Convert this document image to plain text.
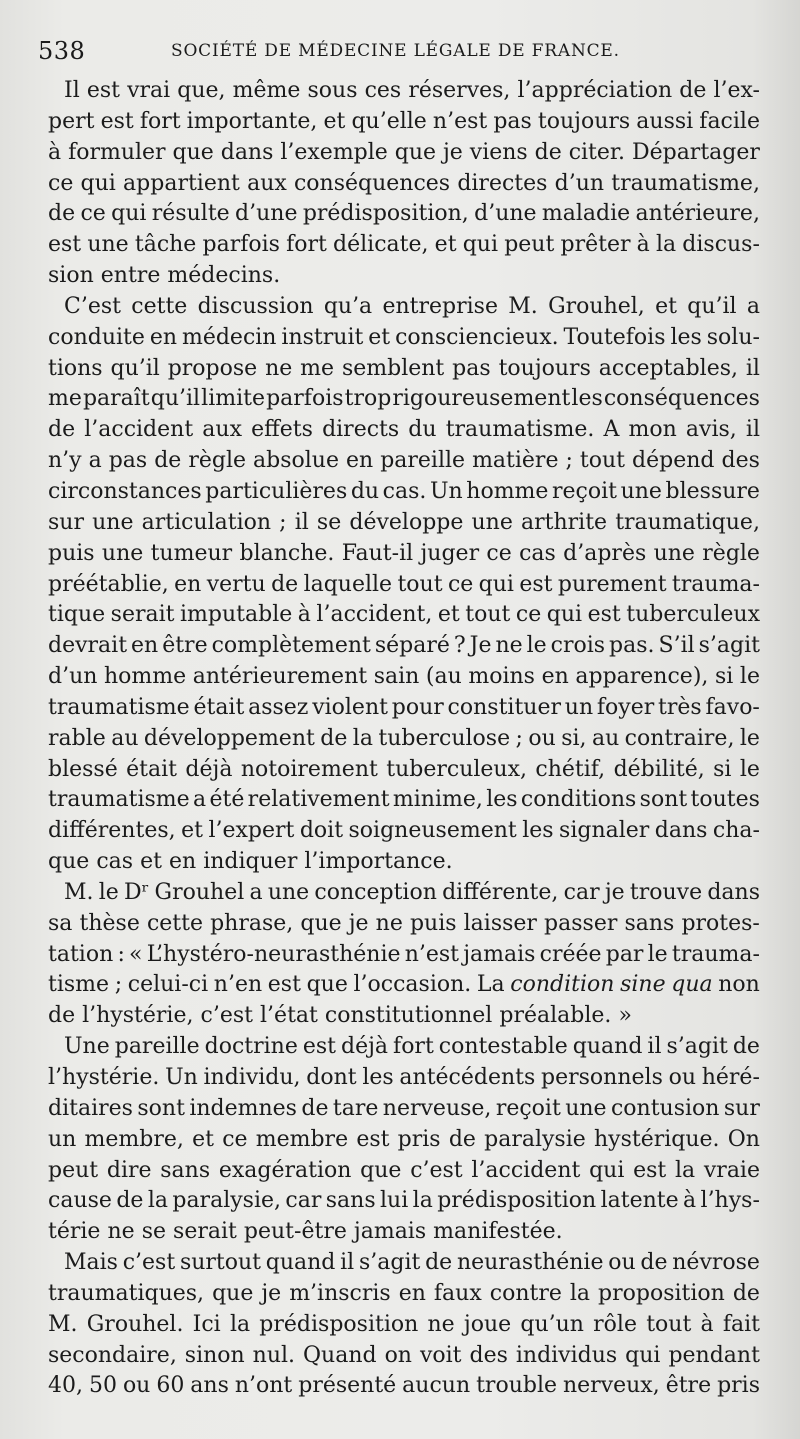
538	SOCIÉTÉ DE MÉDECINE LÉGALE DE FRANCE.
Il est vrai que, même sous ces réserves, l’appréciation de l’ex-
pert est fort importante, et qu’elle n’est pas toujours aussi facile
à formuler que dans l’exemple que je viens de citer. Départager
ce qui appartient aux conséquences directes d’un traumatisme,
de ce qui résulte d’une prédisposition, d’une maladie antérieure,
est une tâche parfois fort délicate, et qui peut prêter à la discus-
sion entre médecins.
C’est cette discussion qu’a entreprise M. Grouhel, et qu’il a
conduite en médecin instruit et consciencieux. Toutefois les solu-
tions qu’il propose ne me semblent pas toujours acceptables, il
me paraît qu’il limite parfois trop rigoureusement les conséquences
de l’accident aux effets directs du traumatisme. A mon avis, il
n’y a pas de règle absolue en pareille matière ; tout dépend des
circonstances particulières du cas. Un homme reçoit une blessure
sur une articulation ; il se développe une arthrite traumatique,
puis une tumeur blanche. Faut-il juger ce cas d’après une règle
préétablie, en vertu de laquelle tout ce qui est purement trauma-
tique serait imputable à l’accident, et tout ce qui est tuberculeux
devrait en être complètement séparé ? Je ne le crois pas. S’il s’agit
d’un homme antérieurement sain (au moins en apparence), si le
traumatisme était assez violent pour constituer un foyer très favo-
rable au développement de la tuberculose ; ou si, au contraire, le
blessé était déjà notoirement tuberculeux, chétif, débilité, si le
traumatisme a été relativement minime, les conditions sont toutes
différentes, et l’expert doit soigneusement les signaler dans cha-
que cas et en indiquer l’importance.
M. le Dʳ Grouhel a une conception différente, car je trouve dans
sa thèse cette phrase, que je ne puis laisser passer sans protes-
tation : « L’hystéro-neurasthénie n’est jamais créée par le trauma-
tisme ; celui-ci n’en est que l’occasion. La condition sine qua non
de l’hystérie, c’est l’état constitutionnel préalable. »
Une pareille doctrine est déjà fort contestable quand il s’agit de
l’hystérie. Un individu, dont les antécédents personnels ou héré-
ditaires sont indemnes de tare nerveuse, reçoit une contusion sur
un membre, et ce membre est pris de paralysie hystérique. On
peut dire sans exagération que c’est l’accident qui est la vraie
cause de la paralysie, car sans lui la prédisposition latente à l’hys-
térie ne se serait peut-être jamais manifestée.
Mais c’est surtout quand il s’agit de neurasthénie ou de névrose
traumatiques, que je m’inscris en faux contre la proposition de
M. Grouhel. Ici la prédisposition ne joue qu’un rôle tout à fait
secondaire, sinon nul. Quand on voit des individus qui pendant
40, 50 ou 60 ans n’ont présenté aucun trouble nerveux, être pris
